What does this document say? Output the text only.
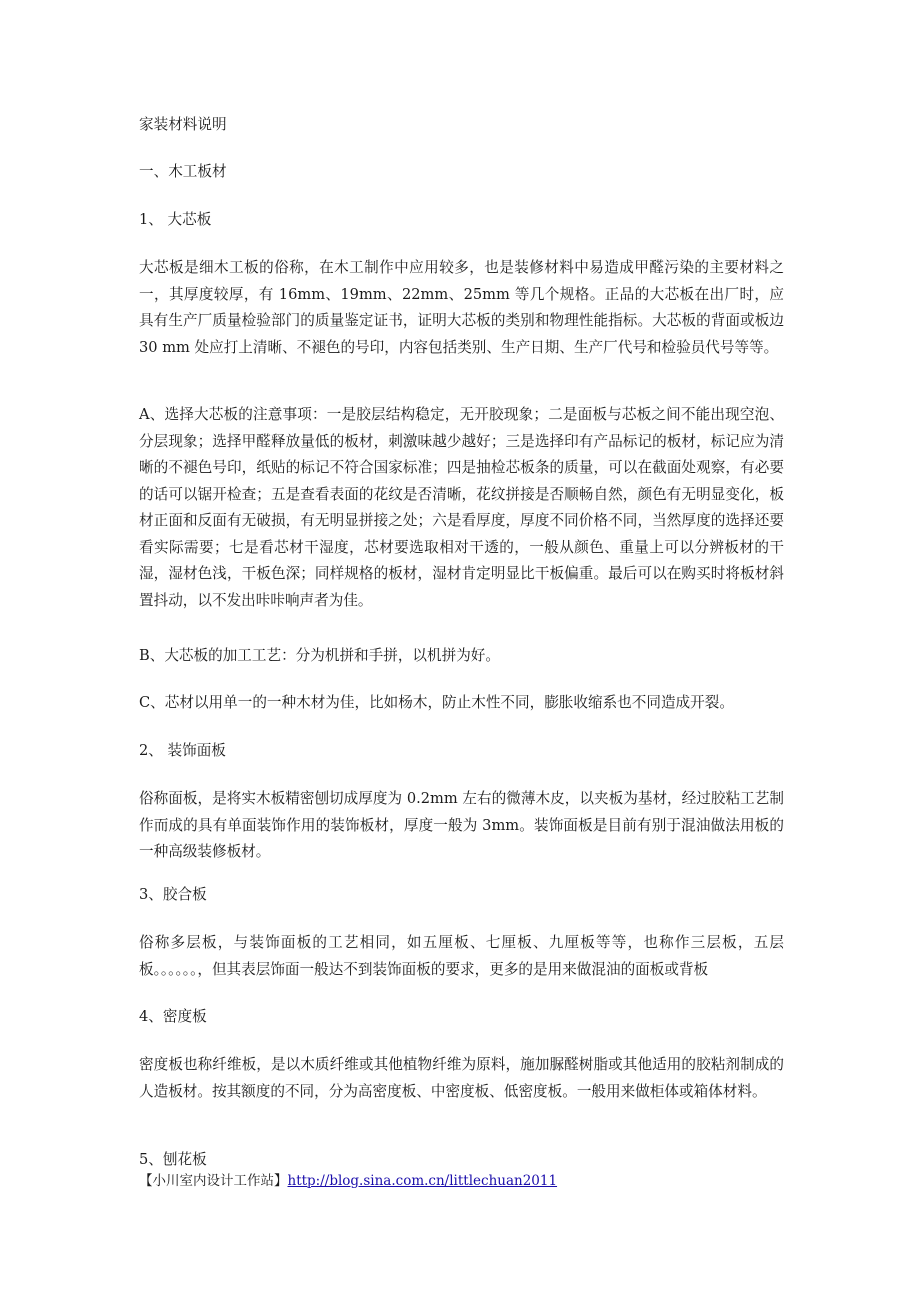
家装材料说明

一、木工板材

1、 大芯板

大芯板是细木工板的俗称，在木工制作中应用较多，也是装修材料中易造成甲醛污染的主要材料之一，其厚度较厚，有 16mm、19mm、22mm、25mm 等几个规格。正品的大芯板在出厂时，应具有生产厂质量检验部门的质量鉴定证书，证明大芯板的类别和物理性能指标。大芯板的背面或板边 30 mm 处应打上清晰、不褪色的号印，内容包括类别、生产日期、生产厂代号和检验员代号等等。

A、选择大芯板的注意事项：一是胶层结构稳定，无开胶现象；二是面板与芯板之间不能出现空泡、分层现象；选择甲醛释放量低的板材，刺激味越少越好；三是选择印有产品标记的板材，标记应为清晰的不褪色号印，纸贴的标记不符合国家标准；四是抽检芯板条的质量，可以在截面处观察，有必要的话可以锯开检查；五是查看表面的花纹是否清晰，花纹拼接是否顺畅自然，颜色有无明显变化，板材正面和反面有无破损，有无明显拼接之处；六是看厚度，厚度不同价格不同，当然厚度的选择还要看实际需要；七是看芯材干湿度，芯材要选取相对干透的，一般从颜色、重量上可以分辨板材的干湿，湿材色浅，干板色深；同样规格的板材，湿材肯定明显比干板偏重。最后可以在购买时将板材斜置抖动，以不发出咔咔响声者为佳。

B、大芯板的加工工艺：分为机拼和手拼，以机拼为好。

C、芯材以用单一的一种木材为佳，比如杨木，防止木性不同，膨胀收缩系也不同造成开裂。

2、 装饰面板

俗称面板，是将实木板精密刨切成厚度为 0.2mm 左右的微薄木皮，以夹板为基材，经过胶粘工艺制作而成的具有单面装饰作用的装饰板材，厚度一般为 3mm。装饰面板是目前有别于混油做法用板的一种高级装修板材。

3、胶合板

俗称多层板，与装饰面板的工艺相同，如五厘板、七厘板、九厘板等等，也称作三层板，五层板。。。。。。，但其表层饰面一般达不到装饰面板的要求，更多的是用来做混油的面板或背板

4、密度板

密度板也称纤维板，是以木质纤维或其他植物纤维为原料，施加脲醛树脂或其他适用的胶粘剂制成的人造板材。按其额度的不同，分为高密度板、中密度板、低密度板。一般用来做柜体或箱体材料。

5、刨花板

【小川室内设计工作站】http://blog.sina.com.cn/littlechuan2011
